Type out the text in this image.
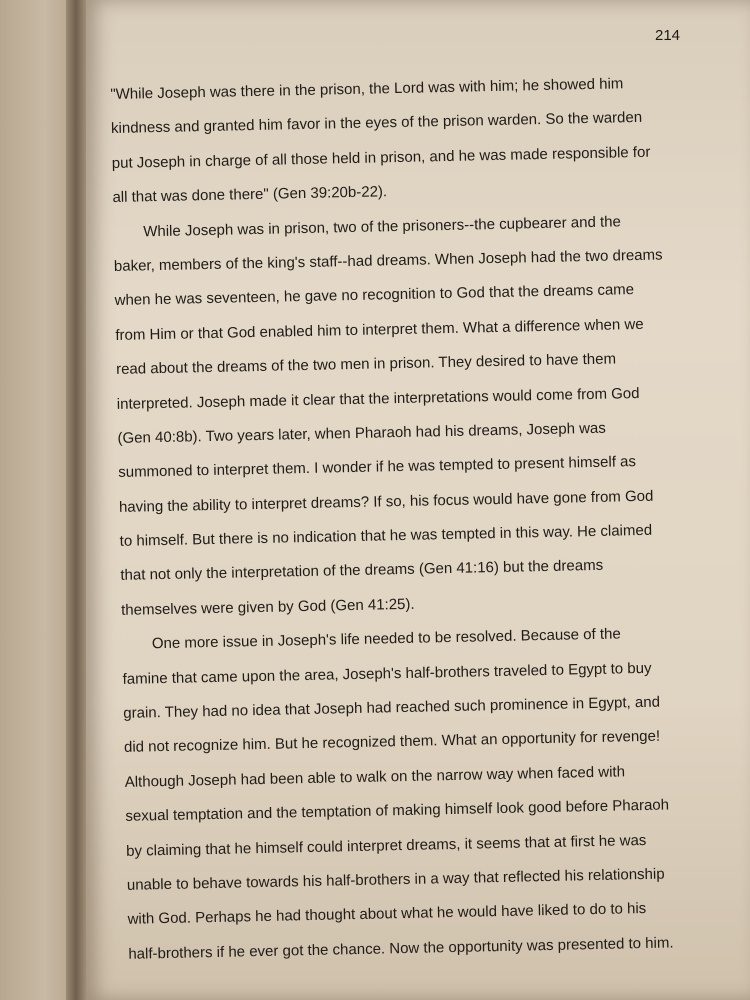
214
"While Joseph was there in the prison, the Lord was with him; he showed him
kindness and granted him favor in the eyes of the prison warden. So the warden
put Joseph in charge of all those held in prison, and he was made responsible for
all that was done there" (Gen 39:20b-22).
While Joseph was in prison, two of the prisoners--the cupbearer and the
baker, members of the king's staff--had dreams. When Joseph had the two dreams
when he was seventeen, he gave no recognition to God that the dreams came
from Him or that God enabled him to interpret them. What a difference when we
read about the dreams of the two men in prison. They desired to have them
interpreted. Joseph made it clear that the interpretations would come from God
(Gen 40:8b). Two years later, when Pharaoh had his dreams, Joseph was
summoned to interpret them. I wonder if he was tempted to present himself as
having the ability to interpret dreams? If so, his focus would have gone from God
to himself. But there is no indication that he was tempted in this way. He claimed
that not only the interpretation of the dreams (Gen 41:16) but the dreams
themselves were given by God (Gen 41:25).
One more issue in Joseph's life needed to be resolved. Because of the
famine that came upon the area, Joseph's half-brothers traveled to Egypt to buy
grain. They had no idea that Joseph had reached such prominence in Egypt, and
did not recognize him. But he recognized them. What an opportunity for revenge!
Although Joseph had been able to walk on the narrow way when faced with
sexual temptation and the temptation of making himself look good before Pharaoh
by claiming that he himself could interpret dreams, it seems that at first he was
unable to behave towards his half-brothers in a way that reflected his relationship
with God. Perhaps he had thought about what he would have liked to do to his
half-brothers if he ever got the chance. Now the opportunity was presented to him.
